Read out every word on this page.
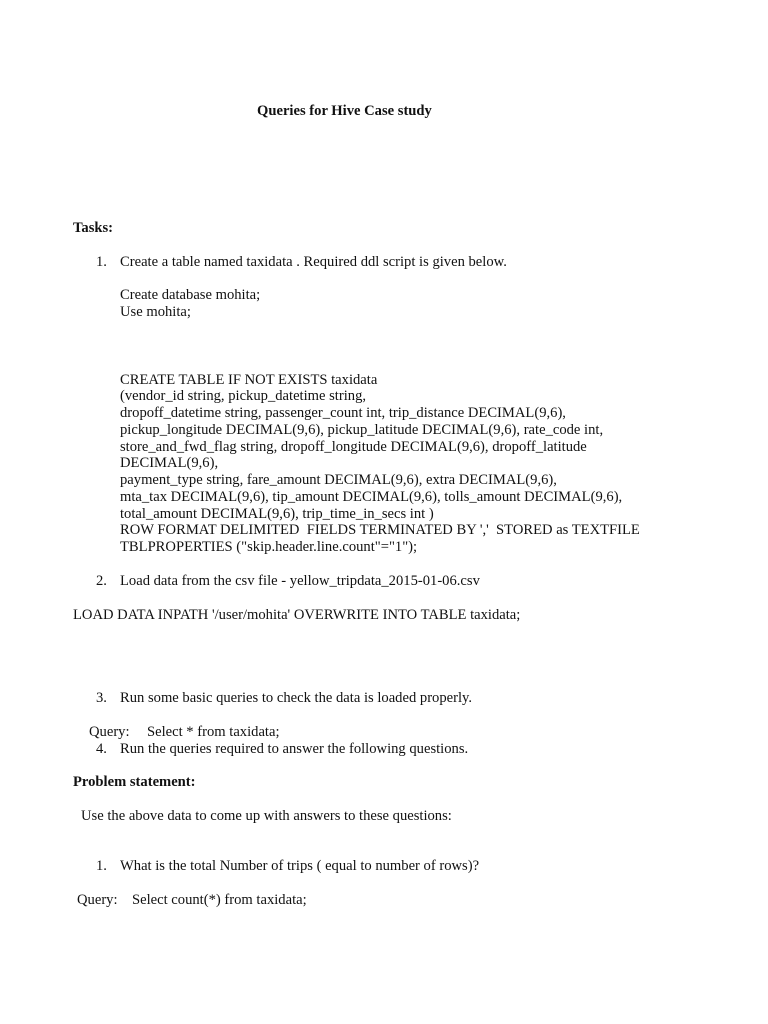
Queries for Hive Case study
Tasks:
1. Create a table named taxidata . Required ddl script is given below.
Create database mohita;
Use mohita;
CREATE TABLE IF NOT EXISTS taxidata
(vendor_id string, pickup_datetime string,
dropoff_datetime string, passenger_count int, trip_distance DECIMAL(9,6),
pickup_longitude DECIMAL(9,6), pickup_latitude DECIMAL(9,6), rate_code int,
store_and_fwd_flag string, dropoff_longitude DECIMAL(9,6), dropoff_latitude
DECIMAL(9,6),
payment_type string, fare_amount DECIMAL(9,6), extra DECIMAL(9,6),
mta_tax DECIMAL(9,6), tip_amount DECIMAL(9,6), tolls_amount DECIMAL(9,6),
total_amount DECIMAL(9,6), trip_time_in_secs int )
ROW FORMAT DELIMITED  FIELDS TERMINATED BY ','  STORED as TEXTFILE
TBLPROPERTIES ("skip.header.line.count"="1");
2. Load data from the csv file - yellow_tripdata_2015-01-06.csv
LOAD DATA INPATH '/user/mohita' OVERWRITE INTO TABLE taxidata;
3. Run some basic queries to check the data is loaded properly.
Query: Select * from taxidata;
4. Run the queries required to answer the following questions.
Problem statement:
Use the above data to come up with answers to these questions:
1. What is the total Number of trips ( equal to number of rows)?
Query: Select count(*) from taxidata;
